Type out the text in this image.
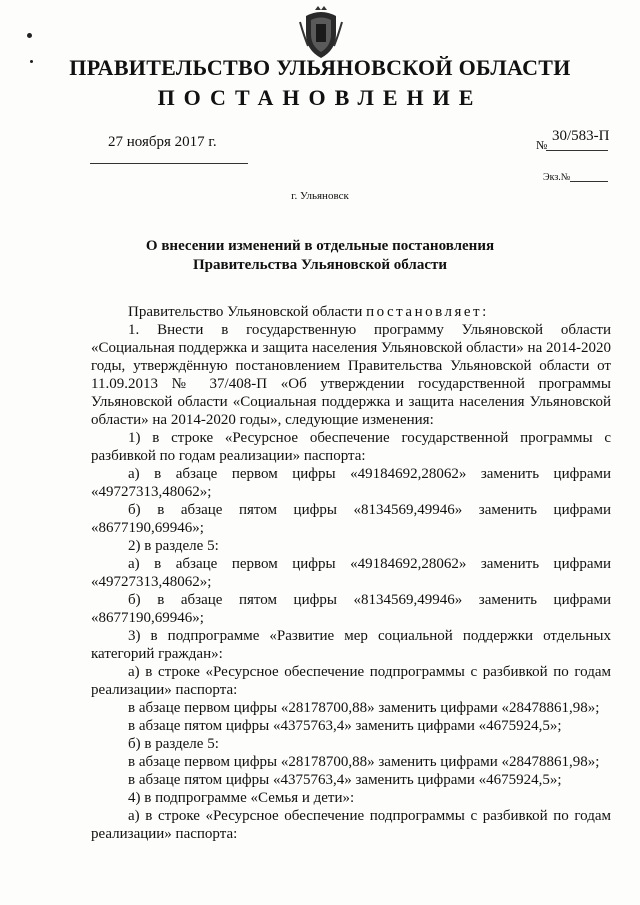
ПРАВИТЕЛЬСТВО УЛЬЯНОВСКОЙ ОБЛАСТИ
ПОСТАНОВЛЕНИЕ
27 ноября 2017 г.	№
30/583-П
Экз.№
г. Ульяновск
О внесении изменений в отдельные постановления
Правительства Ульяновской области

Правительство Ульяновской области постановляет:

1. Внести в государственную программу Ульяновской области «Социальная поддержка и защита населения Ульяновской области» на 2014-2020 годы, утверждённую постановлением Правительства Ульяновской области от 11.09.2013 № 37/408-П «Об утверждении государственной программы Ульяновской области «Социальная поддержка и защита населения Ульяновской области» на 2014-2020 годы», следующие изменения:

1) в строке «Ресурсное обеспечение государственной программы с разбивкой по годам реализации» паспорта:

а) в абзаце первом цифры «49184692,28062» заменить цифрами «49727313,48062»;

б) в абзаце пятом цифры «8134569,49946» заменить цифрами «8677190,69946»;

2) в разделе 5:

а) в абзаце первом цифры «49184692,28062» заменить цифрами «49727313,48062»;

б) в абзаце пятом цифры «8134569,49946» заменить цифрами «8677190,69946»;

3) в подпрограмме «Развитие мер социальной поддержки отдельных категорий граждан»:

а) в строке «Ресурсное обеспечение подпрограммы с разбивкой по годам реализации» паспорта:

в абзаце первом цифры «28178700,88» заменить цифрами «28478861,98»;

в абзаце пятом цифры «4375763,4» заменить цифрами «4675924,5»;

б) в разделе 5:

в абзаце первом цифры «28178700,88» заменить цифрами «28478861,98»;

в абзаце пятом цифры «4375763,4» заменить цифрами «4675924,5»;

4) в подпрограмме «Семья и дети»:

а) в строке «Ресурсное обеспечение подпрограммы с разбивкой по годам реализации» паспорта:
